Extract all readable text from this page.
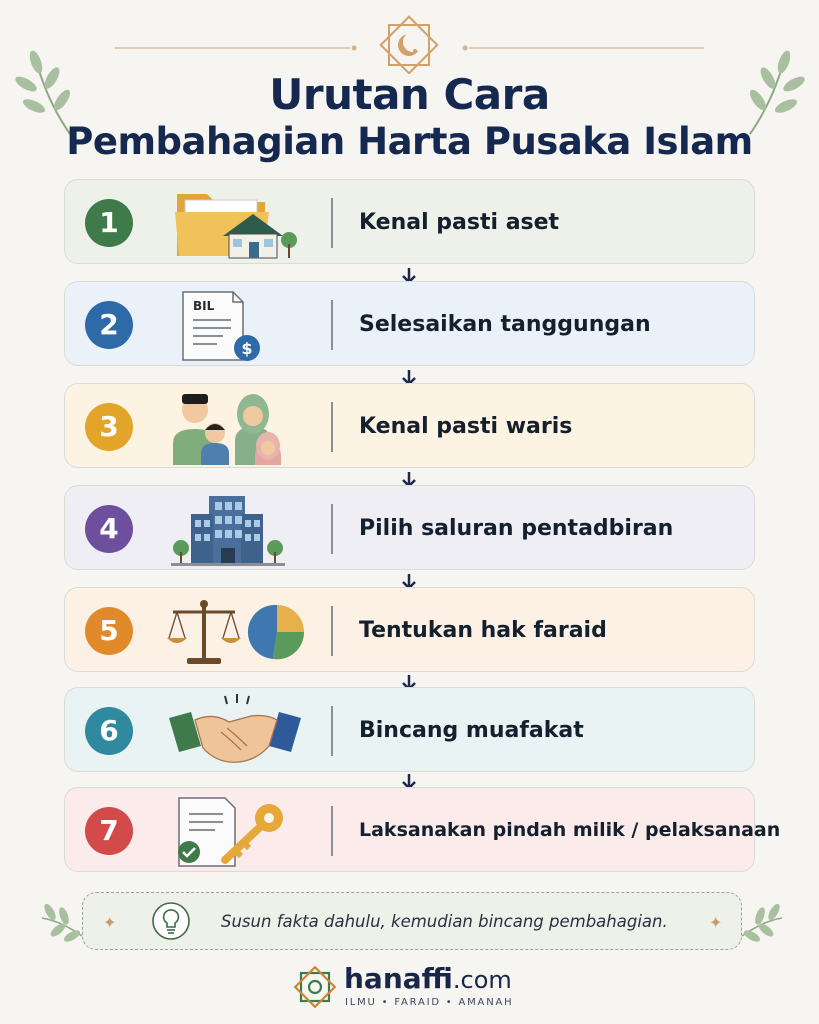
Urutan Cara
Pembahagian Harta Pusaka Islam
1	Kenal pasti aset
2
BIL
$
Selesaikan tanggungan
3	Kenal pasti waris
4	Pilih saluran pentadbiran
5	Tentukan hak faraid
6	Bincang muafakat
7	Laksanakan pindah milik / pelaksanaan
✦	Susun fakta dahulu, kemudian bincang pembahagian.	✦
hanaffi.com
ILMU • FARAID • AMANAH
